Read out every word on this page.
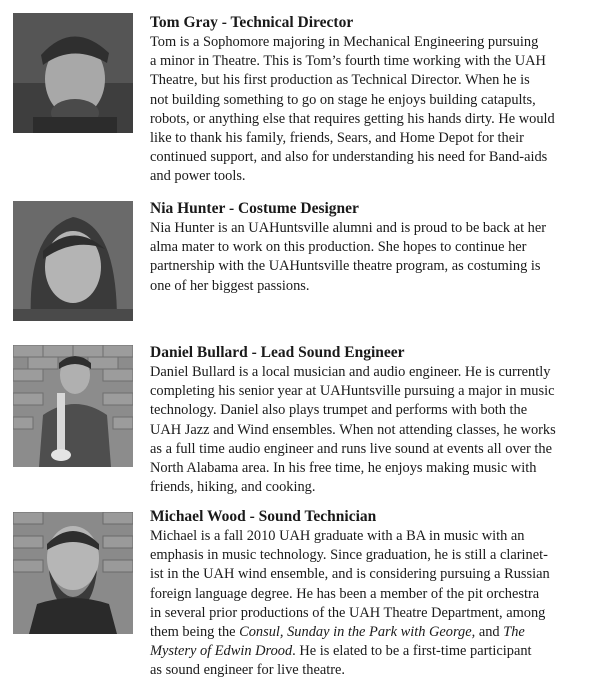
Tom Gray - Technical Director

Tom is a Sophomore majoring in Mechanical Engineering pursuing
a minor in Theatre. This is Tom’s fourth time working with the UAH
Theatre, but his first production as Technical Director. When he is
not building something to go on stage he enjoys building catapults,
robots, or anything else that requires getting his hands dirty. He would
like to thank his family, friends, Sears, and Home Depot for their
continued support, and also for understanding his need for Band-aids
and power tools.

Nia Hunter - Costume Designer

Nia Hunter is an UAHuntsville alumni and is proud to be back at her
alma mater to work on this production. She hopes to continue her
partnership with the UAHuntsville theatre program, as costuming is
one of her biggest passions.

Daniel Bullard - Lead Sound Engineer

Daniel Bullard is a local musician and audio engineer. He is currently
completing his senior year at UAHuntsville pursuing a major in music
technology. Daniel also plays trumpet and performs with both the
UAH Jazz and Wind ensembles. When not attending classes, he works
as a full time audio engineer and runs live sound at events all over the
North Alabama area. In his free time, he enjoys making music with
friends, hiking, and cooking.

Michael Wood - Sound Technician

Michael is a fall 2010 UAH graduate with a BA in music with an
emphasis in music technology. Since graduation, he is still a clarinet-
ist in the UAH wind ensemble, and is considering pursuing a Russian
foreign language degree. He has been a member of the pit orchestra
in several prior productions of the UAH Theatre Department, among
them being the Consul, Sunday in the Park with George, and The
Mystery of Edwin Drood. He is elated to be a first-time participant
as sound engineer for live theatre.
